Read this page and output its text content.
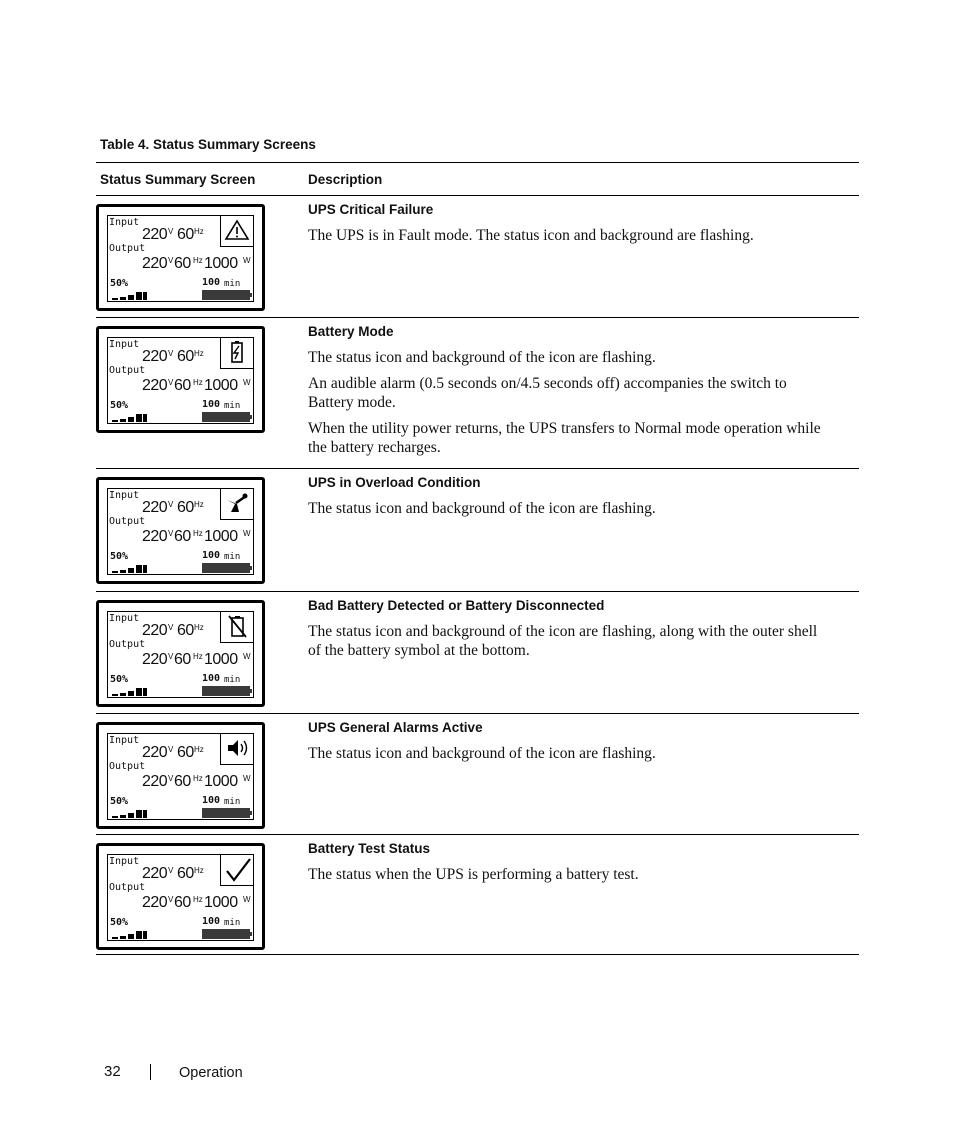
Table 4. Status Summary Screens
Status Summary Screen	Description
Input
220 V 60 Hz
Output
220 V 60 Hz 1000 W
50%	100 min
UPS Critical Failure

The UPS is in Fault mode. The status icon and background are flashing.

Input
220 V 60 Hz
Output
220 V 60 Hz 1000 W
50%	100 min
Battery Mode

The status icon and background of the icon are flashing.

An audible alarm (0.5 seconds on/4.5 seconds off) accompanies the switch to Battery mode.

When the utility power returns, the UPS transfers to Normal mode operation while the battery recharges.

Input
220 V 60 Hz
Output
220 V 60 Hz 1000 W
50%	100 min
UPS in Overload Condition

The status icon and background of the icon are flashing.

Input
220 V 60 Hz
Output
220 V 60 Hz 1000 W
50%	100 min
Bad Battery Detected or Battery Disconnected

The status icon and background of the icon are flashing, along with the outer shell of the battery symbol at the bottom.

Input
220 V 60 Hz
Output
220 V 60 Hz 1000 W
50%	100 min
UPS General Alarms Active

The status icon and background of the icon are flashing.

Input
220 V 60 Hz
Output
220 V 60 Hz 1000 W
50%	100 min
Battery Test Status

The status when the UPS is performing a battery test.

32	Operation
